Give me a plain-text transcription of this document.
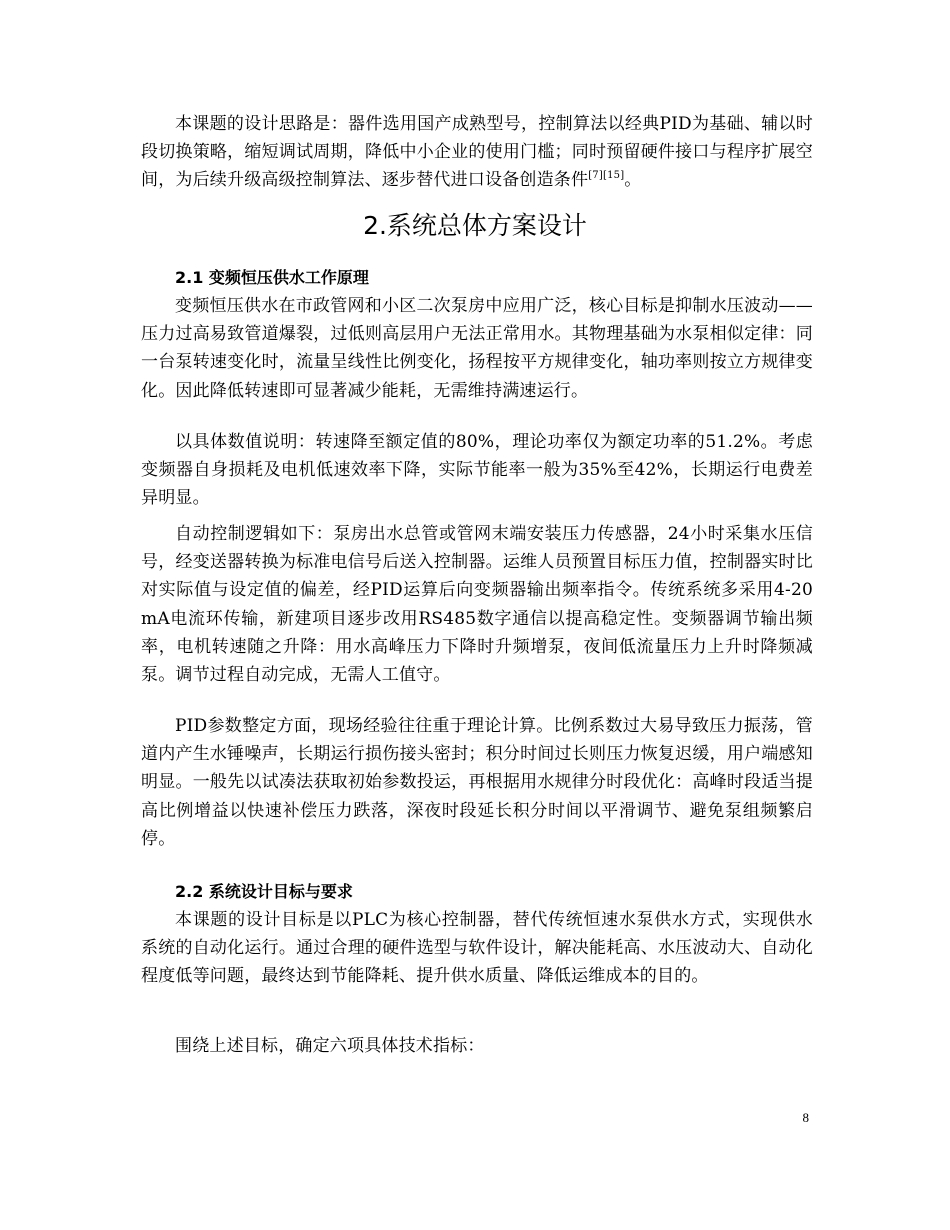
本课题的设计思路是：器件选用国产成熟型号，控制算法以经典PID为基础、辅以时段切换策略，缩短调试周期，降低中小企业的使用门槛；同时预留硬件接口与程序扩展空间，为后续升级高级控制算法、逐步替代进口设备创造条件[7][15]。

2.系统总体方案设计
2.1 变频恒压供水工作原理

变频恒压供水在市政管网和小区二次泵房中应用广泛，核心目标是抑制水压波动——压力过高易致管道爆裂，过低则高层用户无法正常用水。其物理基础为水泵相似定律：同一台泵转速变化时，流量呈线性比例变化，扬程按平方规律变化，轴功率则按立方规律变化。因此降低转速即可显著减少能耗，无需维持满速运行。

以具体数值说明：转速降至额定值的80%，理论功率仅为额定功率的51.2%。考虑变频器自身损耗及电机低速效率下降，实际节能率一般为35%至42%，长期运行电费差异明显。

自动控制逻辑如下：泵房出水总管或管网末端安装压力传感器，24小时采集水压信号，经变送器转换为标准电信号后送入控制器。运维人员预置目标压力值，控制器实时比对实际值与设定值的偏差，经PID运算后向变频器输出频率指令。传统系统多采用4-20mA电流环传输，新建项目逐步改用RS485数字通信以提高稳定性。变频器调节输出频率，电机转速随之升降：用水高峰压力下降时升频增泵，夜间低流量压力上升时降频减泵。调节过程自动完成，无需人工值守。

PID参数整定方面，现场经验往往重于理论计算。比例系数过大易导致压力振荡，管道内产生水锤噪声，长期运行损伤接头密封；积分时间过长则压力恢复迟缓，用户端感知明显。一般先以试凑法获取初始参数投运，再根据用水规律分时段优化：高峰时段适当提高比例增益以快速补偿压力跌落，深夜时段延长积分时间以平滑调节、避免泵组频繁启停。

2.2 系统设计目标与要求

本课题的设计目标是以PLC为核心控制器，替代传统恒速水泵供水方式，实现供水系统的自动化运行。通过合理的硬件选型与软件设计，解决能耗高、水压波动大、自动化程度低等问题，最终达到节能降耗、提升供水质量、降低运维成本的目的。

围绕上述目标，确定六项具体技术指标：

8
